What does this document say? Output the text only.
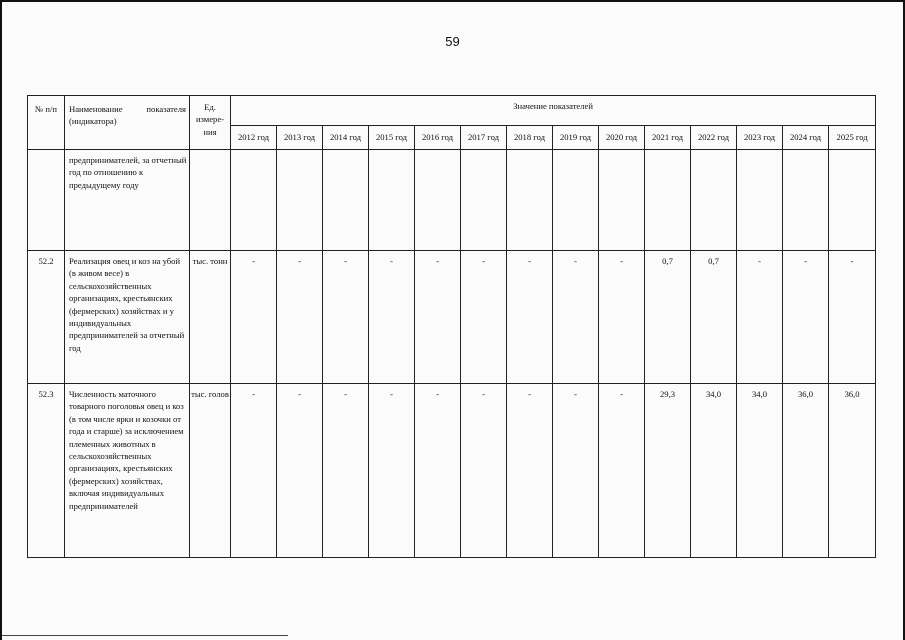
59
№ п/п	Наименование показателя (индикатора)	Ед. измере-ния	Значение показателей													
			2012 год	2013 год	2014 год	2015 год	2016 год	2017 год	2018 год	2019 год	2020 год	2021 год	2022 год	2023 год	2024 год	2025 год
	предпринимателей, за отчетный год по отношению к предыдущему году															
52.2	Реализация овец и коз на убой (в живом весе) в сельскохозяйственных организациях, крестьянских (фермерских) хозяйствах и у индивидуальных предпринимателей за отчетный год	тыс. тонн	-	-	-	-	-	-	-	-	-	0,7	0,7	-	-	-
52.3	Численность маточного товарного поголовья овец и коз (в том числе ярки и козочки от года и старше) за исключением племенных животных в сельскохозяйственных организациях, крестьянских (фермерских) хозяйствах, включая индивидуальных предпринимателей	тыс. голов	-	-	-	-	-	-	-	-	-	29,3	34,0	34,0	36,0	36,0
